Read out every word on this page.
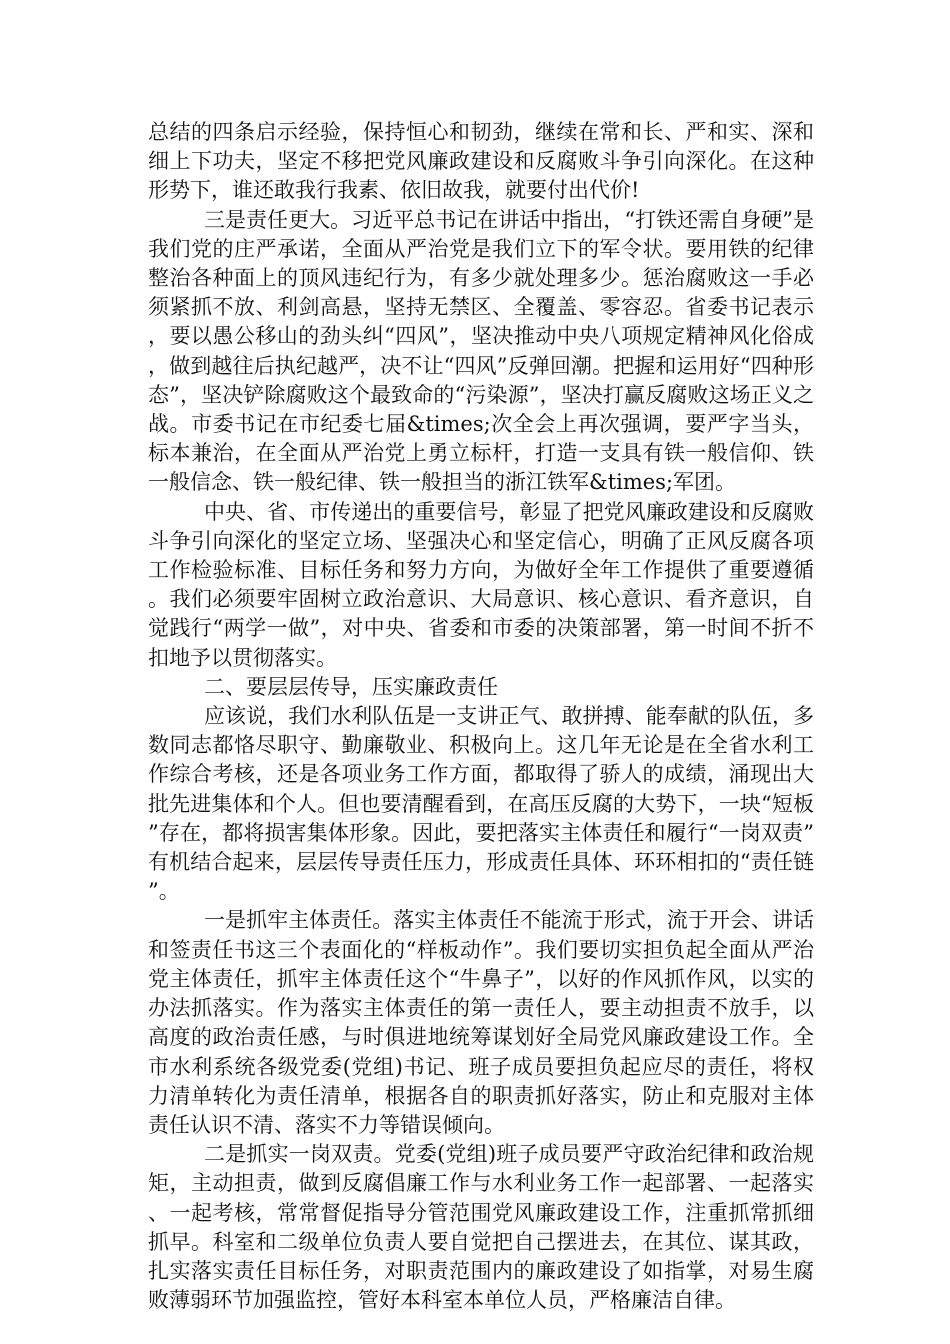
总结的四条启示经验，保持恒心和韧劲，继续在常和长、严和实、深和细上下功夫，坚定不移把党风廉政建设和反腐败斗争引向深化。在这种形势下，谁还敢我行我素、依旧故我，就要付出代价!

三是责任更大。习近平总书记在讲话中指出，“打铁还需自身硬”是我们党的庄严承诺，全面从严治党是我们立下的军令状。要用铁的纪律整治各种面上的顶风违纪行为，有多少就处理多少。惩治腐败这一手必须紧抓不放、利剑高悬，坚持无禁区、全覆盖、零容忍。省委书记表示，要以愚公移山的劲头纠“四风”，坚决推动中央八项规定精神风化俗成，做到越往后执纪越严，决不让“四风”反弹回潮。把握和运用好“四种形态”，坚决铲除腐败这个最致命的“污染源”，坚决打赢反腐败这场正义之战。市委书记在市纪委七届&times;次全会上再次强调，要严字当头，标本兼治，在全面从严治党上勇立标杆，打造一支具有铁一般信仰、铁一般信念、铁一般纪律、铁一般担当的浙江铁军&times;军团。

中央、省、市传递出的重要信号，彰显了把党风廉政建设和反腐败斗争引向深化的坚定立场、坚强决心和坚定信心，明确了正风反腐各项工作检验标准、目标任务和努力方向，为做好全年工作提供了重要遵循。我们必须要牢固树立政治意识、大局意识、核心意识、看齐意识，自觉践行“两学一做”，对中央、省委和市委的决策部署，第一时间不折不扣地予以贯彻落实。

二、要层层传导，压实廉政责任

应该说，我们水利队伍是一支讲正气、敢拼搏、能奉献的队伍，多数同志都恪尽职守、勤廉敬业、积极向上。这几年无论是在全省水利工作综合考核，还是各项业务工作方面，都取得了骄人的成绩，涌现出大批先进集体和个人。但也要清醒看到，在高压反腐的大势下，一块“短板”存在，都将损害集体形象。因此，要把落实主体责任和履行“一岗双责”有机结合起来，层层传导责任压力，形成责任具体、环环相扣的“责任链”。

一是抓牢主体责任。落实主体责任不能流于形式，流于开会、讲话和签责任书这三个表面化的“样板动作”。我们要切实担负起全面从严治党主体责任，抓牢主体责任这个“牛鼻子”，以好的作风抓作风，以实的办法抓落实。作为落实主体责任的第一责任人，要主动担责不放手，以高度的政治责任感，与时俱进地统筹谋划好全局党风廉政建设工作。全市水利系统各级党委(党组)书记、班子成员要担负起应尽的责任，将权力清单转化为责任清单，根据各自的职责抓好落实，防止和克服对主体责任认识不清、落实不力等错误倾向。

二是抓实一岗双责。党委(党组)班子成员要严守政治纪律和政治规矩，主动担责，做到反腐倡廉工作与水利业务工作一起部署、一起落实、一起考核，常常督促指导分管范围党风廉政建设工作，注重抓常抓细抓早。科室和二级单位负责人要自觉把自己摆进去，在其位、谋其政，扎实落实责任目标任务，对职责范围内的廉政建设了如指掌，对易生腐败薄弱环节加强监控，管好本科室本单位人员，严格廉洁自律。
